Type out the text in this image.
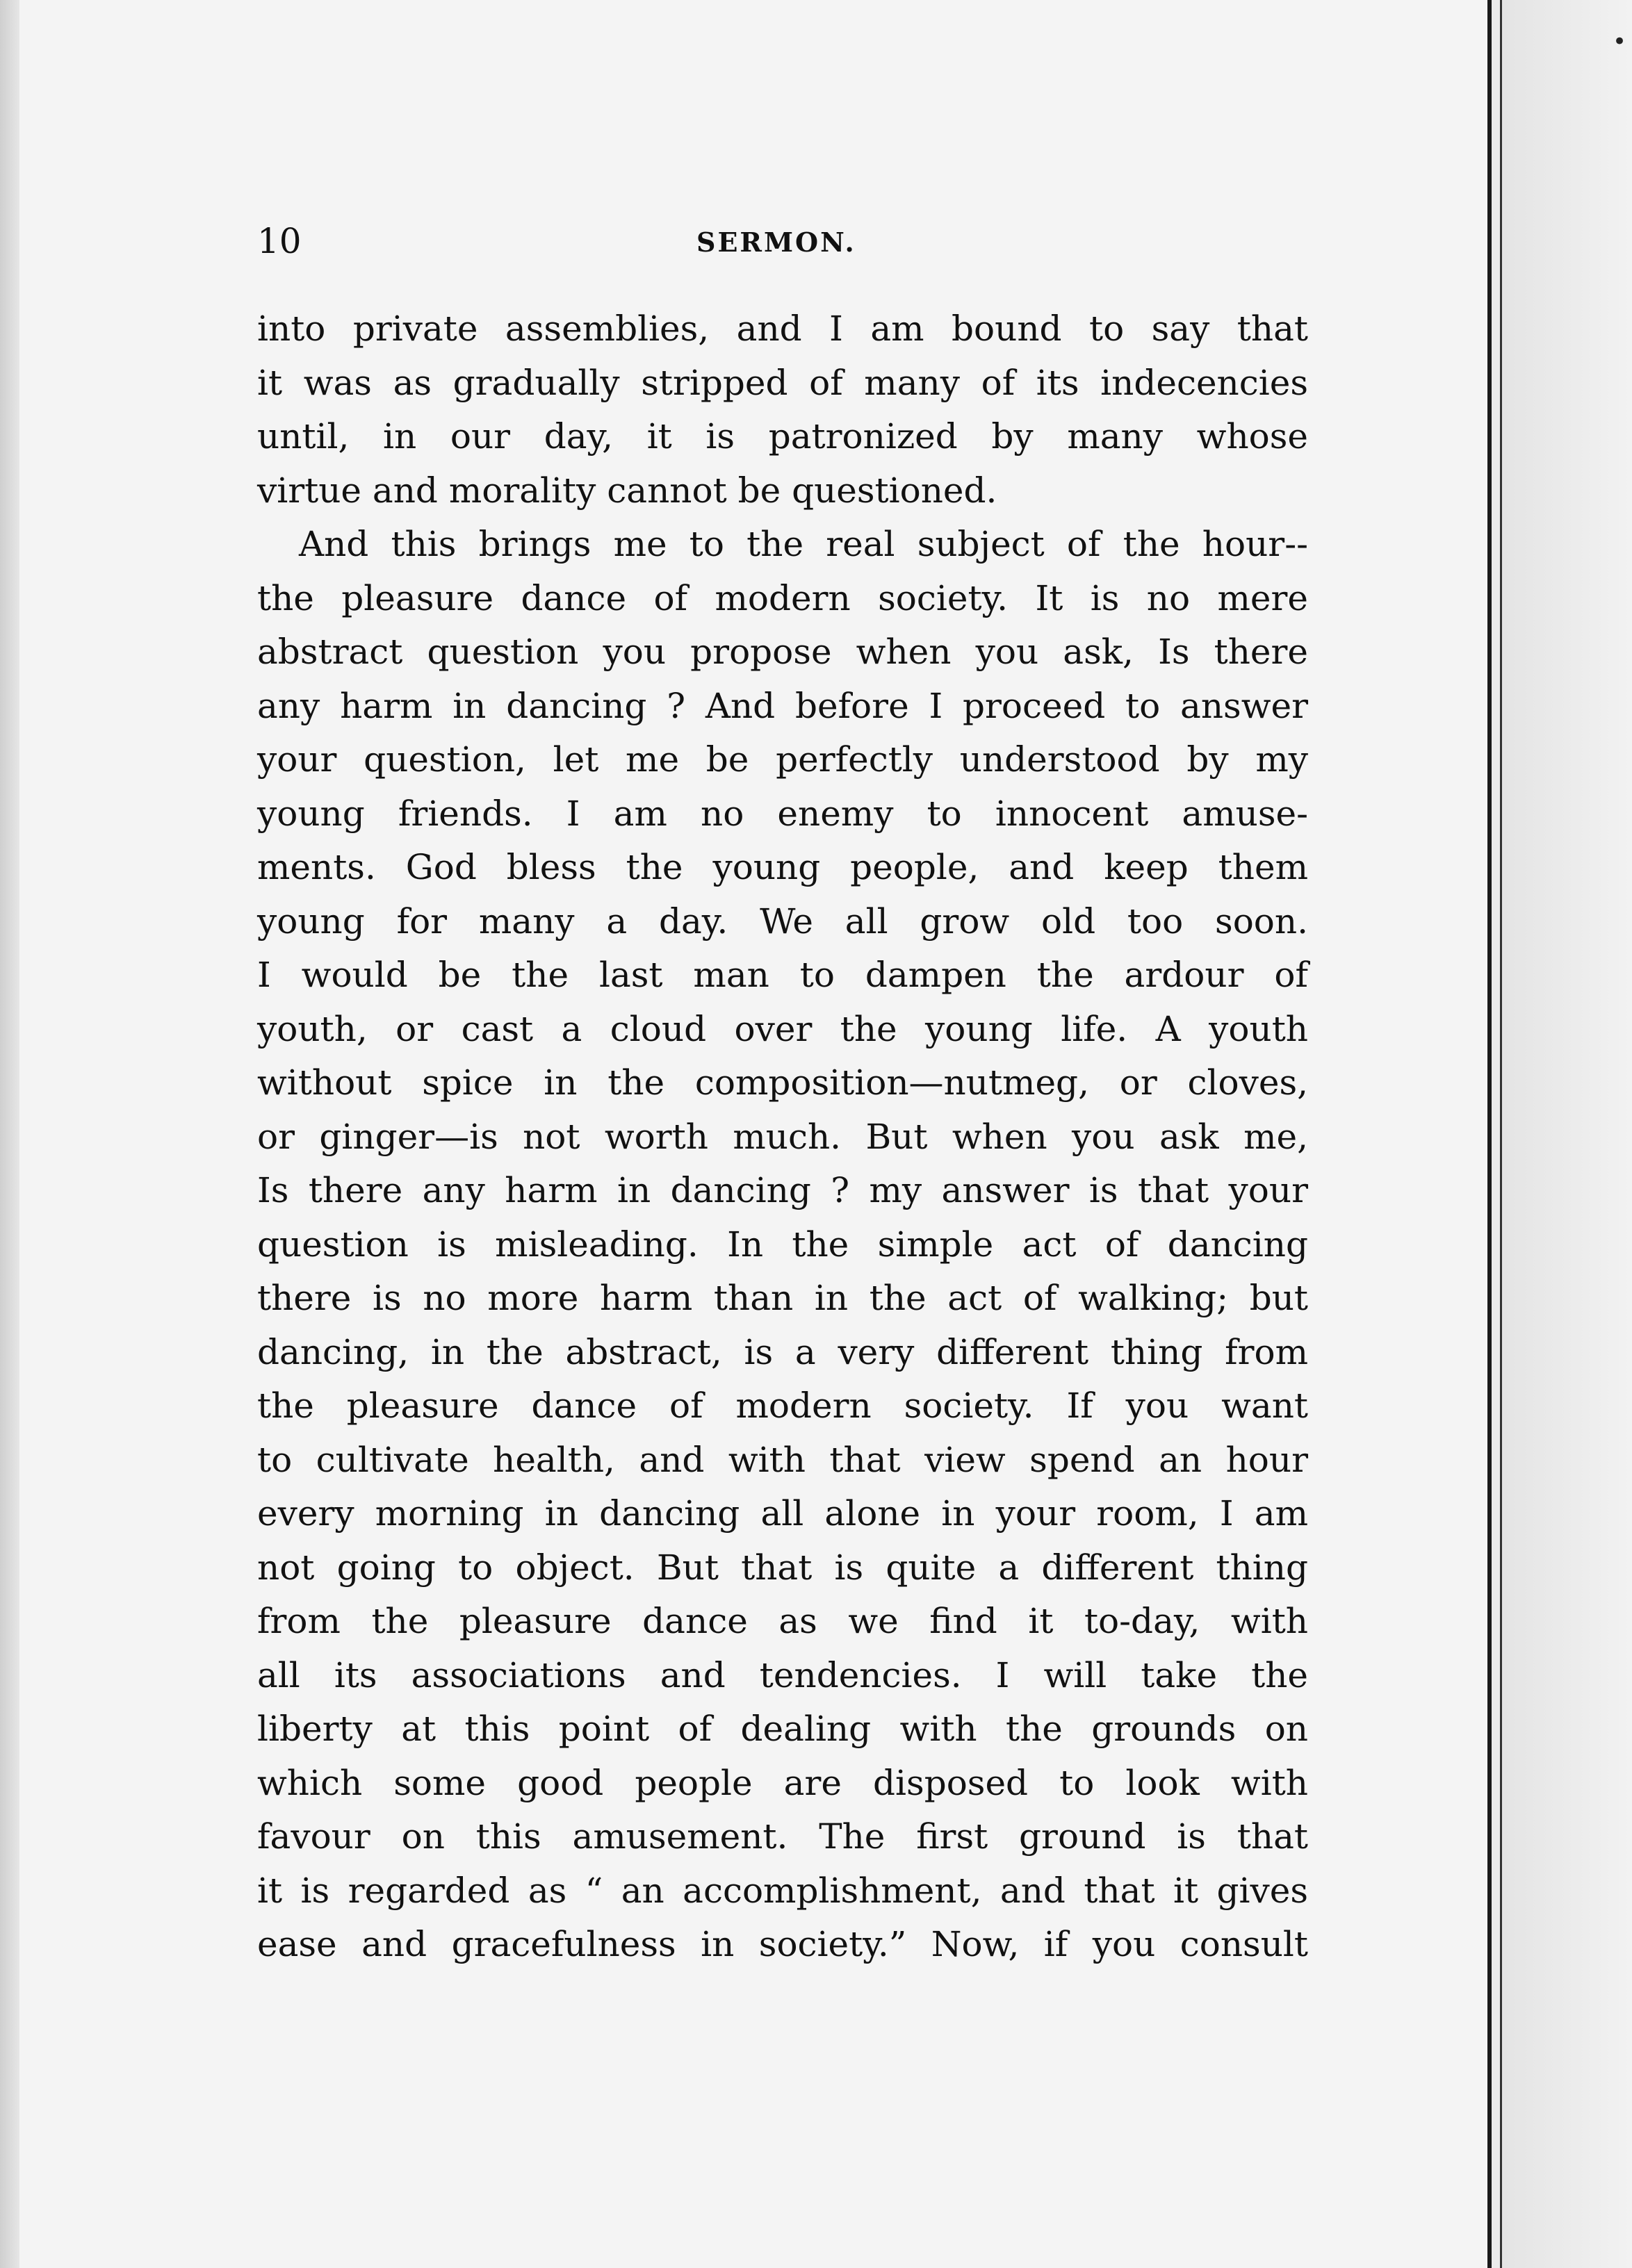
•
10	SERMON.
into private assemblies, and I am bound to say that
it was as gradually stripped of many of its indecencies
until, in our day, it is patronized by many whose
virtue and morality cannot be questioned.
And this brings me to the real subject of the hour--
the pleasure dance of modern society. It is no mere
abstract question you propose when you ask, Is there
any harm in dancing ? And before I proceed to answer
your question, let me be perfectly understood by my
young friends. I am no enemy to innocent amuse-
ments. God bless the young people, and keep them
young for many a day. We all grow old too soon.
I would be the last man to dampen the ardour of
youth, or cast a cloud over the young life. A youth
without spice in the composition—nutmeg, or cloves,
or ginger—is not worth much. But when you ask me,
Is there any harm in dancing ? my answer is that your
question is misleading. In the simple act of dancing
there is no more harm than in the act of walking; but
dancing, in the abstract, is a very different thing from
the pleasure dance of modern society. If you want
to cultivate health, and with that view spend an hour
every morning in dancing all alone in your room, I am
not going to object. But that is quite a different thing
from the pleasure dance as we find it to-day, with
all its associations and tendencies. I will take the
liberty at this point of dealing with the grounds on
which some good people are disposed to look with
favour on this amusement. The first ground is that
it is regarded as “ an accomplishment, and that it gives
ease and gracefulness in society.” Now, if you consult
